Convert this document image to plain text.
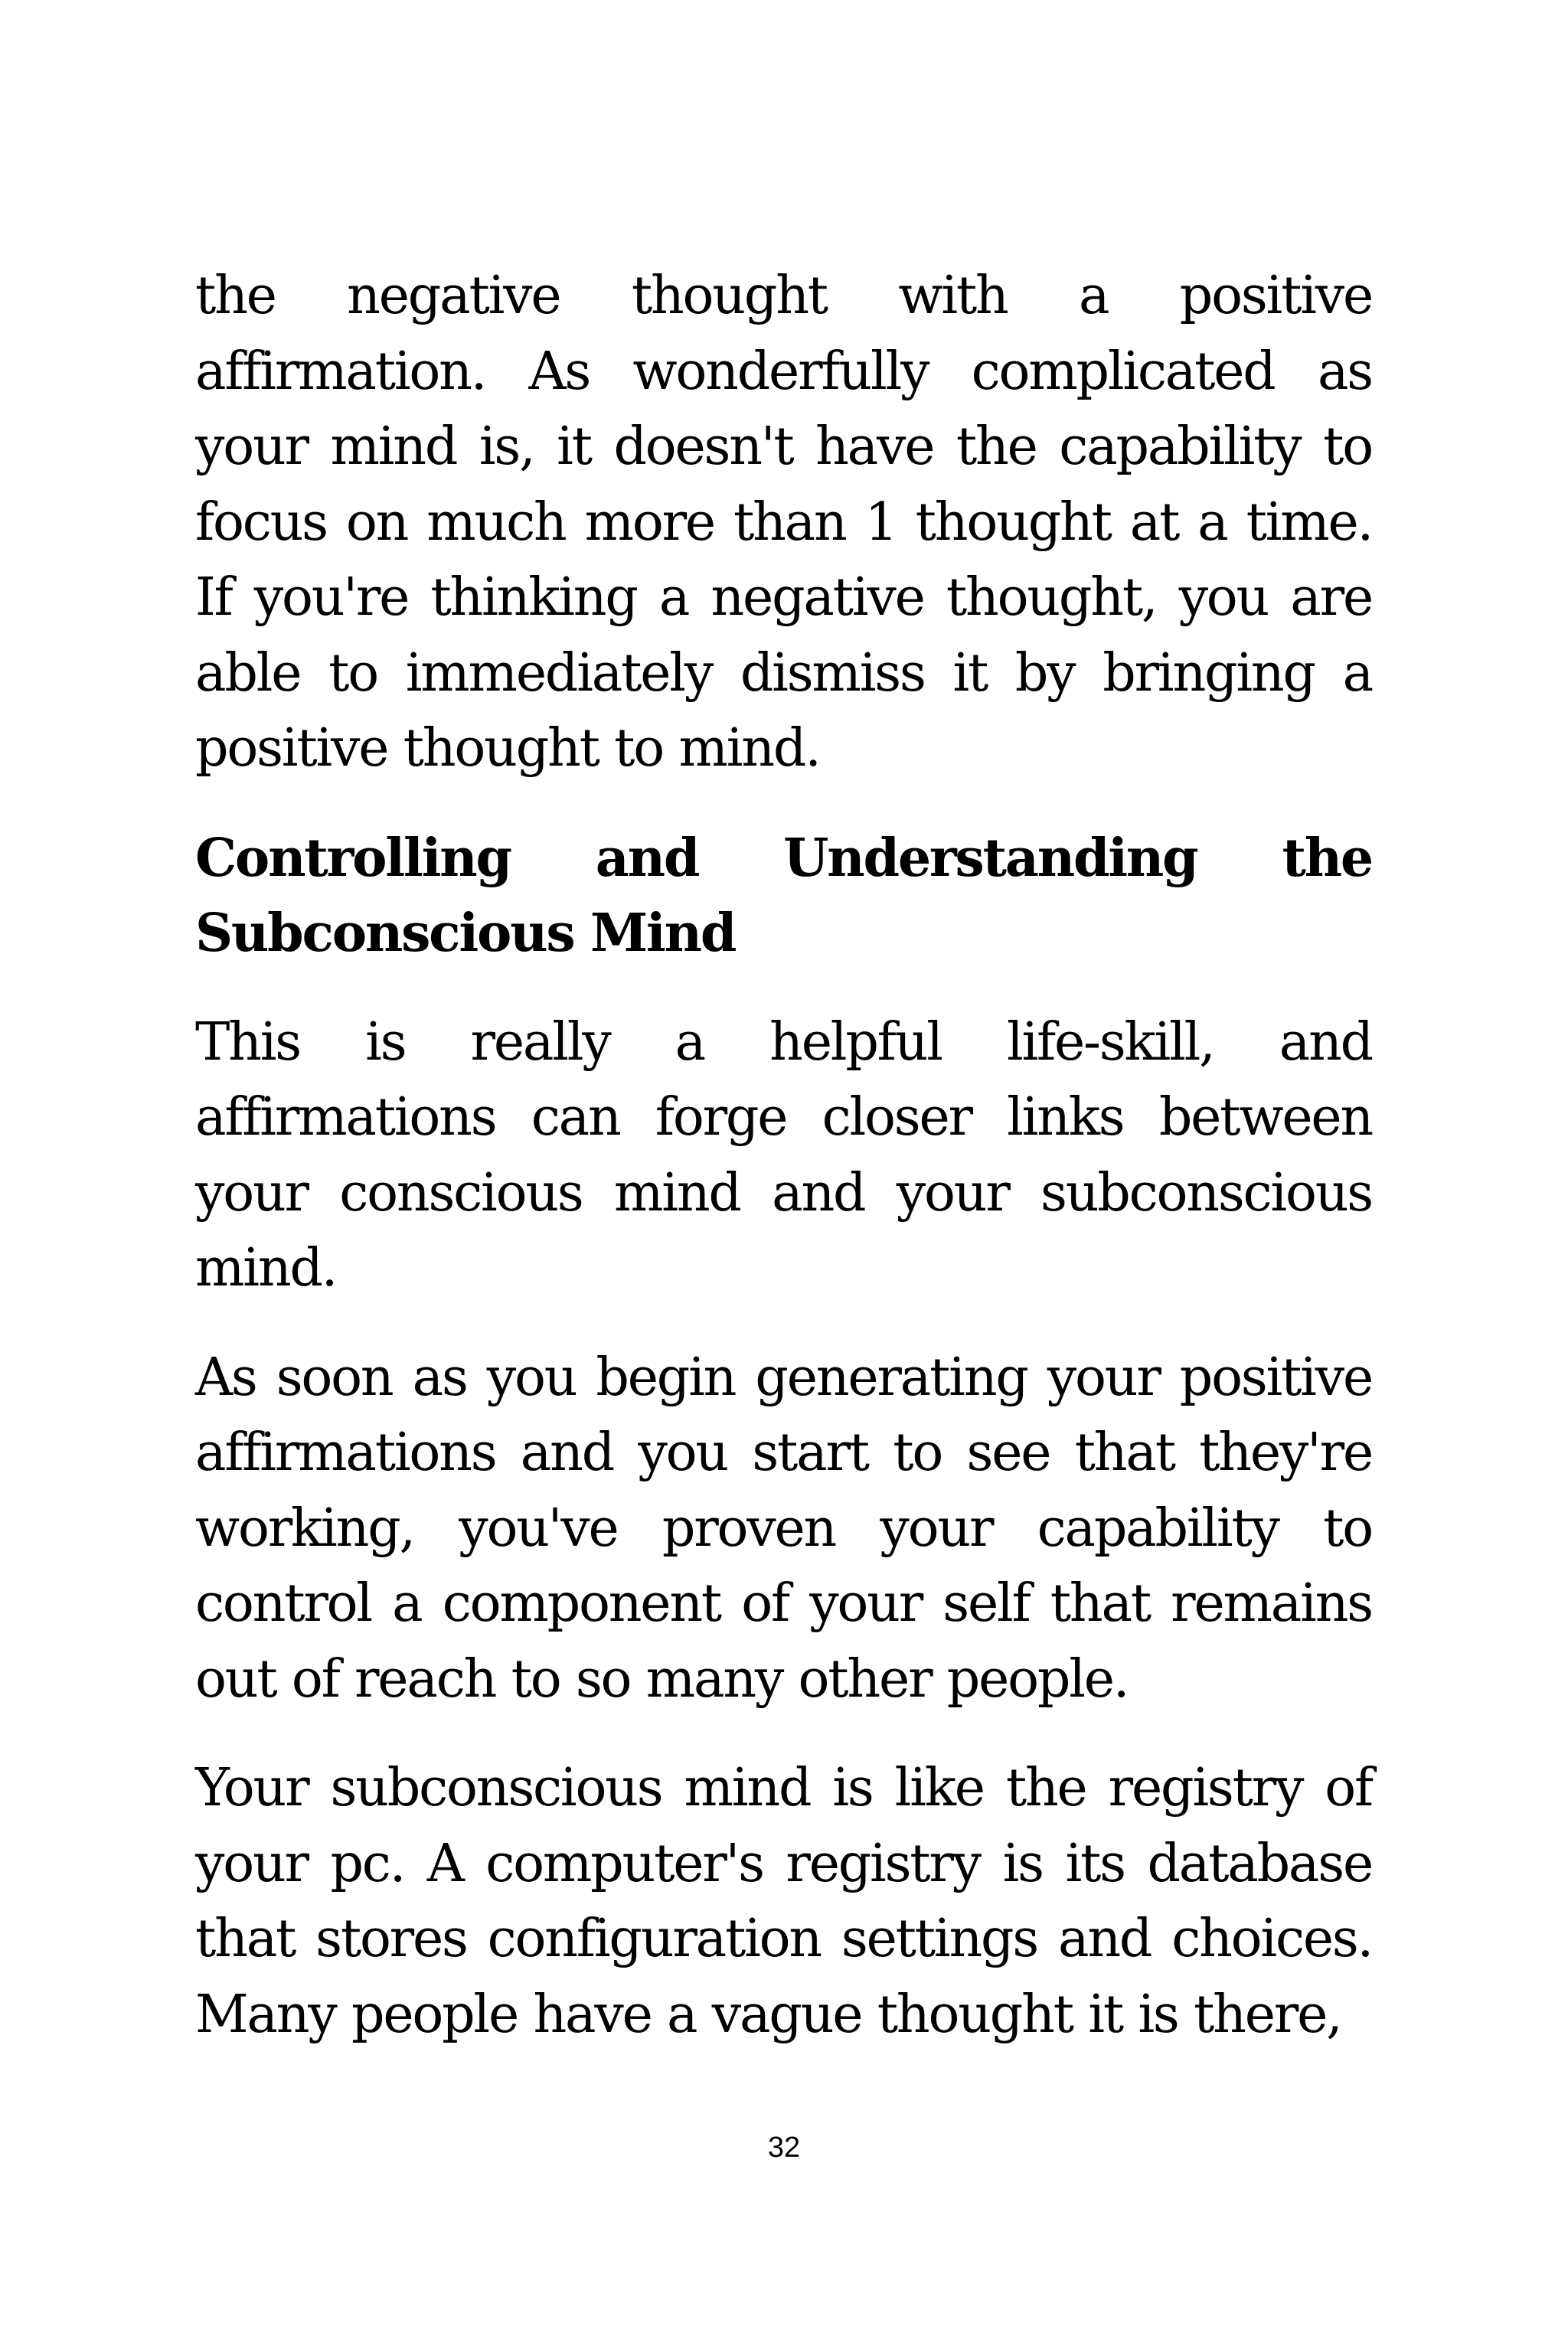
the negative thought with a positive affirmation. As wonderfully complicated as your mind is, it doesn't have the capability to focus on much more than 1 thought at a time. If you're thinking a negative thought, you are able to immediately dismiss it by bringing a positive thought to mind.

Controlling and Understanding the
Subconscious Mind

This is really a helpful life-skill, and affirmations can forge closer links between your conscious mind and your subconscious mind.

As soon as you begin generating your positive affirmations and you start to see that they're working, you've proven your capability to control a component of your self that remains out of reach to so many other people.

Your subconscious mind is like the registry of your pc. A computer's registry is its database that stores configuration settings and choices. Many people have a vague thought it is there,

32
